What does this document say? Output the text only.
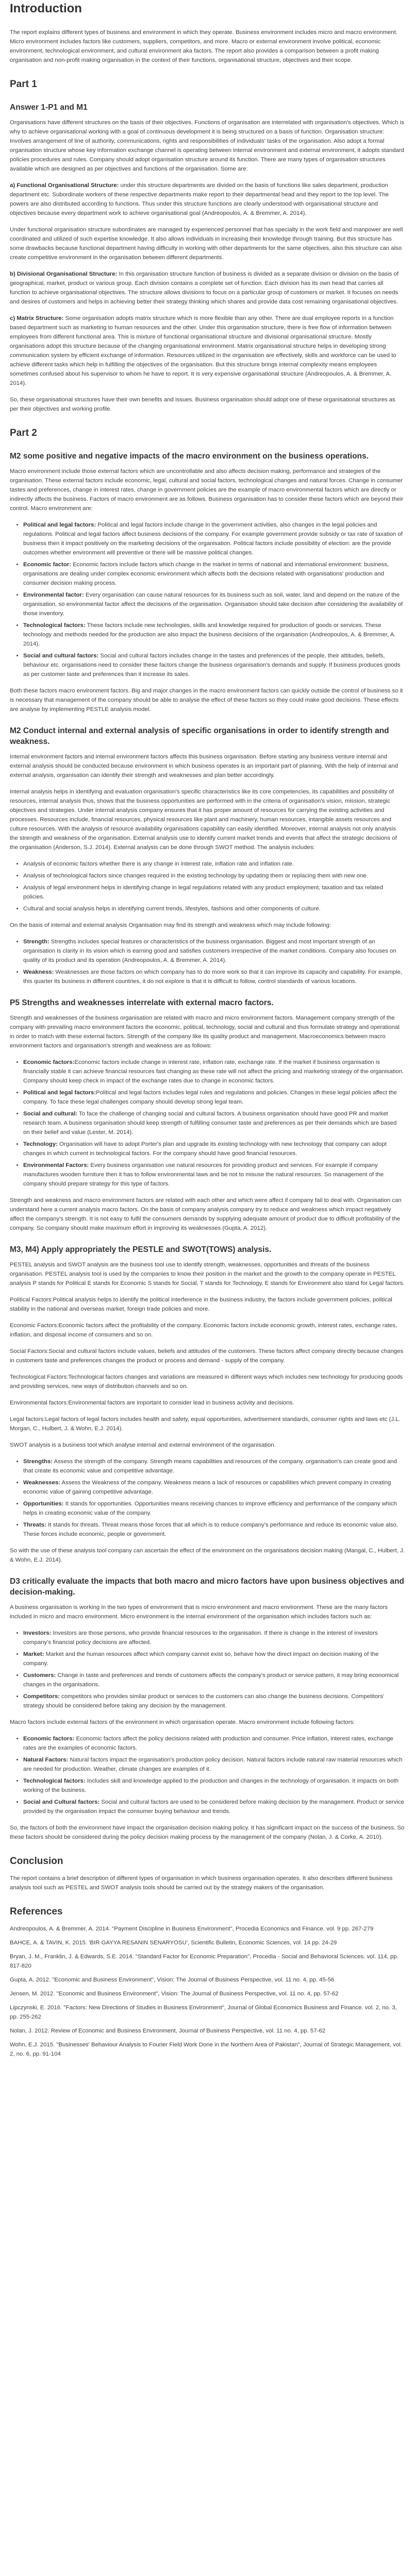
Introduction

The report explains different types of business and environment in which they operate. Business environment includes micro and macro environment. Micro environment includes factors like customers, suppliers, competitors, and more. Macro or external environment involve political, economic environment, technological environment, and cultural environment aka factors. The report also provides a comparison between a profit making organisation and non-profit making organisation in the context of their functions, organisational structure, objectives and their scope.

Part 1
Answer 1-P1 and M1

Organisations have different structures on the basis of their objectives. Functions of organisation are interrelated with organisation's objectives. Which is why to achieve organisational working with a goal of continuous development it is being structured on a basis of function. Organisation structure: Involves arrangement of line of authority, communications, rights and responsibilities of individuals' tasks of the organisation. Also adopt a formal organisation structure whose key information exchange channel is operating between internal environment and external environment, it adopts standard policies procedures and rules. Company should adopt organisation structure around its function. There are many types of organisation structures available which are designed as per objectives and functions of the organisation. Some are:

a) Functional Organisational Structure: under this structure departments are divided on the basis of functions like sales department, production department etc. Subordinate workers of these respective departments make report to their departmental head and they report to the top level. The powers are also distributed according to functions. Thus under this structure functions are clearly understood with organisational structure and objectives because every department work to achieve organisational goal (Andreopoulos, A. & Bremmer, A. 2014).

Under functional organisation structure subordinates are managed by experienced personnel that has specialty in the work field and manpower are well coordinated and utilized of such expertise knowledge. It also allows individuals in increasing their knowledge through training. But this structure has some drawbacks because functional department having difficulty in working with other departments for the same objectives, also this structure can also create competitive environment in the organisation between different departments.

b) Divisional Organisational Structure: In this organisation structure function of business is divided as a separate division or division on the basis of geographical, market, product or various group. Each division contains a complete set of function. Each division has its own head that carries all function to achieve organisational objectives. The structure allows divisions to focus on a particular group of customers or market. It focuses on needs and desires of customers and helps in achieving better their strategy thinking which shares and provide data cost remaining organisational objectives.

c) Matrix Structure: Some organisation adopts matrix structure which is more flexible than any other. There are dual employee reports in a function based department such as marketing to human resources and the other. Under this organisation structure, there is free flow of information between employees from different functional area. This is mixture of functional organisational structure and divisional organisational structure. Mostly organisations adopt this structure because of the changing organisational environment. Matrix organisational structure helps in developing strong communication system by efficient exchange of information. Resources utilized in the organisation are effectively, skills and workforce can be used to achieve different tasks which help in fulfilling the objectives of the organisation. But this structure brings internal complexity means employees sometimes confused about his supervisor to whom he have to report. It is very expensive organisational structure (Andreopoulos, A. & Bremmer, A. 2014).

So, these organisational structures have their own benefits and issues. Business organisation should adopt one of these organisational structures as per their objectives and working profile.

Part 2
M2 some positive and negative impacts of the macro environment on the business operations.

Macro environment include those external factors which are uncontrollable and also affects decision making, performance and strategies of the organisation. These external factors include economic, legal, cultural and social factors, technological changes and natural forces. Change in consumer tastes and preferences, change in interest rates, change in government policies are the example of macro environmental factors which are directly or indirectly affects the business. Factors of macro environment are as follows. Business organisation has to consider these factors which are beyond their control. Macro environment are:

• Political and legal factors: Political and legal factors include change in the government activities, also changes in the legal policies and regulations. Political and legal factors affect business decisions of the company. For example government provide subsidy or tax rate of taxation of business then it impact positively on the marketing decisions of the organisation. Political factors include possibility of election: are the provide outcomes whether environment will preventive or there will be massive political changes.
• Economic factor: Economic factors include factors which change in the market in terms of national and international environment: business, organisations are dealing under complex economic environment which affects both the decisions related with organisations' production and consumer decision making process.
• Environmental factor: Every organisation can cause natural resources for its business such as soil, water, land and depend on the nature of the organisation, so environmental factor affect the decisions of the organisation. Organisation should take decision after considering the availability of those inventory.
• Technological factors: These factors include new technologies, skills and knowledge required for production of goods or services. These technology and methods needed for the production are also impact the business decisions of the organisation (Andreopoulos, A. & Bremmer, A. 2014).
• Social and cultural factors: Social and cultural factors includes change in the tastes and preferences of the people, their attitudes, beliefs, behaviour etc. organisations need to consider these factors change the business organisation's demands and supply. If business produces goods as per customer taste and preferences than it increase its sales.

Both these factors macro environment factors. Big and major changes in the macro environment factors can quickly outside the control of business so it is necessary that management of the company should be able to analyse the effect of these factors so they could make good decisions. These effects are analyse by implementing PESTLE analysis model.

M2 Conduct internal and external analysis of specific organisations in order to identify strength and weakness.

Internal environment factors and internal environment factors affects this business organisation. Before starting any business venture internal and external analysis should be conducted because environment in which business operates is an important part of planning. With the help of internal and external analysis, organisation can identify their strength and weaknesses and plan better accordingly.

Internal analysis helps in identifying and evaluation organisation's specific characteristics like its core competencies, its capabilities and possibility of resources, internal analysis thus, shows that the business opportunities are performed with in the criteria of organisation's vision, mission, strategic objectives and strategies. Under internal analysis company ensures that it has proper amount of resources for carrying the existing activities and processes. Resources include, financial resources, physical resources like plant and machinery, human resources, intangible assets resources and culture resources. With the analysis of resource availability organisations capability can easily identified. Moreover, internal analysis not only analysis the strength and weakness of the organisation. External analysis use to identify current market trends and events that affect the strategic decisions of the organisation (Anderson, S.J. 2014). External analysis can be done through SWOT method. The analysis includes:

• Analysis of economic factors whether there is any change in interest rate, inflation rate and inflation rate.
• Analysis of technological factors since changes required in the existing technology by updating them or replacing them with new one.
• Analysis of legal environment helps in identifying change in legal regulations related with any product employment, taxation and tax related policies.
• Cultural and social analysis helps in identifying current trends, lifestyles, fashions and other components of culture.

On the basis of internal and external analysis Organisation may find its strength and weakness which may include following:

• Strength: Strengths includes special features or characteristics of the business organisation. Biggest and most important strength of an organisation is clarity in its vision which is earning good and satisfies customers irrespective of the market conditions. Company also focuses on quality of its product and its operation (Andreopoulos, A. & Bremmer, A. 2014).
• Weakness: Weaknesses are those factors on which company has to do more work so that it can improve its capacity and capability. For example, this quarter its business in different countries, it do not explore is that it is difficult to follow, control standards of various locations.
P5 Strengths and weaknesses interrelate with external macro factors.

Strength and weaknesses of the business organisation are related with macro and micro environment factors. Management company strength of the company with prevailing macro environment factors the economic, political, technology, social and cultural and thus formulate strategy and operational in order to match with these external factors. Strength of the company like its quality product and management. Macroeconomics between macro environment factors and organisation's strength and weakness are as follows:

• Economic factors:Economic factors include change in interest rate, inflation rate, exchange rate. If the market if business organisation is financially stable it can achieve financial resources fast changing as these rate will not affect the pricing and marketing strategy of the organisation. Company should keep check in impact of the exchange rates due to change in economic factors.
• Political and legal factors:Political and legal factors includes legal rules and regulations and policies. Changes in these legal policies affect the company. To face these legal challenges company should develop strong legal team.
• Social and cultural: To face the challenge of changing social and cultural factors. A business organisation should have good PR and market research team. A business organisation should keep strength of fulfilling consumer taste and preferences as per their demands which are based on their belief and value (Lester, M. 2014).
• Technology: Organisation will have to adopt Porter's plan and upgrade its existing technology with new technology that company can adopt changes in which current in technological factors. For the company should have good financial resources.
• Environmental Factors: Every business organisation use natural resources for providing product and services. For example if company manufactures wooden furniture then it has to follow environmental laws and be not to misuse the natural resources. So management of the company should prepare strategy for this type of factors.

Strength and weakness and macro environment factors are related with each other and which were affect if company fail to deal with. Organisation can understand here a current analysis macro factors. On the basis of company analysis company try to reduce and weakness which impact negatively affect the company's strength. It is not easy to fulfil the consumers demands by supplying adequate amount of product due to difficult profitability of the company. So company should make maximum effort in improving its weaknesses (Gupta, A. 2012).

M3, M4) Apply appropriately the PESTLE and SWOT(TOWS) analysis.

PESTEL analysis and SWOT analysis are the business tool use to identify strength, weaknesses, opportunities and threats of the business organisation. PESTEL analysis tool is used by the companies to know their position in the market and the growth to the company operate in PESTEL analysis P stands for Political E stands for Economic S stands for Social, T stands for Technology, E stands for Environment also stand for Legal factors.

Political Factors:Political analysis helps to identify the political interference in the business industry, the factors include government policies, political stability in the national and overseas market, foreign trade policies and more.

Economic Factors:Economic factors affect the profitability of the company. Economic factors include economic growth, interest rates, exchange rates, inflation, and disposal income of consumers and so on.

Social Factors:Social and cultural factors include values, beliefs and attitudes of the customers. These factors affect company directly because changes in customers taste and preferences changes the product or process and demand - supply of the company.

Technological Factors:Technological factors changes and variations are measured in different ways which includes new technology for producing goods and providing services, new ways of distribution channels and so on.

Environmental factors:Environmental factors are important to consider lead in business activity and decisions.

Legal factors:Legal factors of legal factors includes health and safety, equal opportunities, advertisement standards, consumer rights and laws etc (J.L. Morgan, C., Hulbert, J. & Wohn, E.J. 2014).

SWOT analysis is a business tool which analyse internal and external environment of the organisation.

• Strengths: Assess the strength of the company. Strength means capabilities and resources of the company. organisation's can create good and that create its economic value and competitive advantage.
• Weaknesses: Assess the Weakness of the company. Weakness means a lack of resources or capabilities which prevent company in creating economic value of gaining competitive advantage.
• Opportunities: It stands for opportunities. Opportunities means receiving chances to improve efficiency and performance of the company which helps in creating economic value of the company.
• Threats: It stands for threats. Threat means those forces that all which is to reduce company's performance and reduce its economic value also. These forces include economic, people or government.

So with the use of these analysis tool company can ascertain the effect of the environment on the organisations decision making (Mangal, C., Hulbert, J. & Wohn, E.J. 2014).

D3 critically evaluate the impacts that both macro and micro factors have upon business objectives and decision-making.

A business organisation is working in the two types of environment that is micro environment and macro environment. These are the many factors included in micro and macro environment. Micro environment is the internal environment of the organisation which includes factors such as:

• Investors: Investors are those persons, who provide financial resources to the organisation. If there is change in the interest of investors company's financial policy decisions are affected.
• Market: Market and the human resources affect which company cannot exist so, behave how the direct impact on decision making of the company.
• Customers: Change in taste and preferences and trends of customers affects the company's product or service pattern, it may bring economical changes in the organisations.
• Competitors: competitors who provides similar product or services to the customers can also change the business decisions. Competitors' strategy should be considered before taking any decision by the management.

Macro factors include external factors of the environment in which organisation operate. Macro environment include following factors:

• Economic factors: Economic factors affect the policy decisions related with production and consumer. Price inflation, interest rates, exchange rates are the examples of economic factors.
• Natural Factors: Natural factors impact the organisation's production policy decision. Natural factors include natural raw material resources which are needed for production. Weather, climate changes are examples of it.
• Technological factors: Includes skill and knowledge applied to the production and changes in the technology of organisation. It impacts on both working of the business.
• Social and Cultural factors: Social and cultural factors are used to be considered before making decision by the management. Product or service provided by the organisation impact the consumer buying behaviour and trends.

So, the factors of both the environment have impact the organisation decision making policy. It has significant impact on the success of the business. So these factors should be considered during the policy decision making process by the management of the company (Nolan, J. & Corke, A. 2010).

Conclusion

The report contains a brief description of different types of organisation in which business organisation operates. It also describes different business analysis tool such as PESTEL and SWOT analysis tools should be carried out by the strategy makers of the organisation.

References
Andreopoulos, A. & Bremmer, A. 2014. "Payment Discipline in Business Environment", Procedia Economics and Finance. vol. 9 pp. 267-279
BAHCE, A. & TAVIN, K. 2015. 'BIR GAYYA RESANIN SENARYOSU', Scientific Bulletin, Economic Sciences, vol. 14 pp. 24-29
Bryan, J. M., Franklin, J. & Edwards, S.E. 2014. "Standard Factor for Economic Preparation", Procedia - Social and Behavioral Sciences. vol. 114, pp. 817-820
Gupta, A. 2012. "Economic and Business Environment", Vision: The Journal of Business Perspective, vol. 11 no. 4, pp. 45-56
Jensen, M. 2012. "Economic and Business Environment", Vision: The Journal of Business Perspective, vol. 11 no. 4, pp. 57-62
Lipczynski, E. 2016. "Factors: New Directions of Studies in Business Environment", Journal of Global Economics Business and Finance. vol. 2, no. 3, pp. 255-262
Nolan, J. 2012. Review of Economic and Business Environment, Journal of Business Perspective, vol. 11 no. 4, pp. 57-62
Wohn, E.J. 2015. "Businesses' Behaviour Analysis to Fourier Field Work Done in the Northern Area of Pakistan", Journal of Strategic Management, vol. 2, no. 6, pp. 91-104
